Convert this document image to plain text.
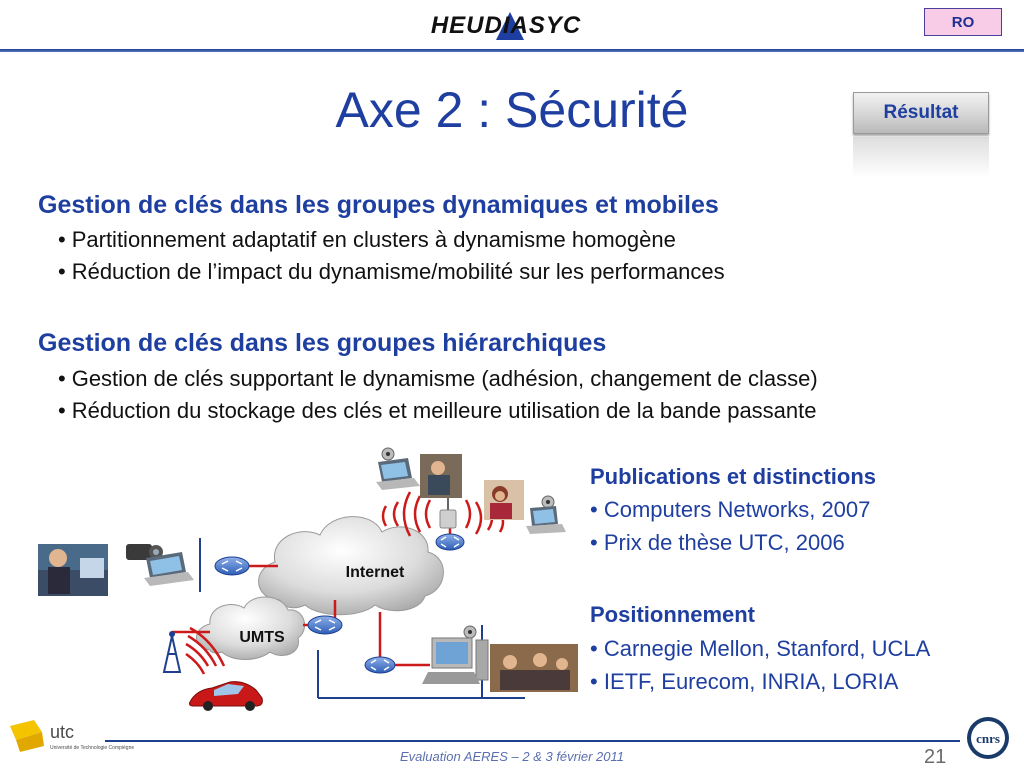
HEUDIASYC	RO
Axe 2 : Sécurité	Résultat
Gestion de clés dans les groupes dynamiques et mobiles
• Partitionnement adaptatif en clusters à dynamisme homogène
• Réduction de l’impact du dynamisme/mobilité sur les performances
Gestion de clés dans les groupes hiérarchiques
• Gestion de clés supportant le dynamisme (adhésion, changement de classe)
• Réduction du stockage des clés et meilleure utilisation de la bande passante
Publications et distinctions
• Computers Networks, 2007
• Prix de thèse UTC, 2006
Positionnement
• Carnegie Mellon, Stanford, UCLA
• IETF, Eurecom, INRIA, LORIA
Internet
UMTS
utc
Université de Technologie Compiègne
Evaluation AERES – 2 & 3 février 2011	21
cnrs
